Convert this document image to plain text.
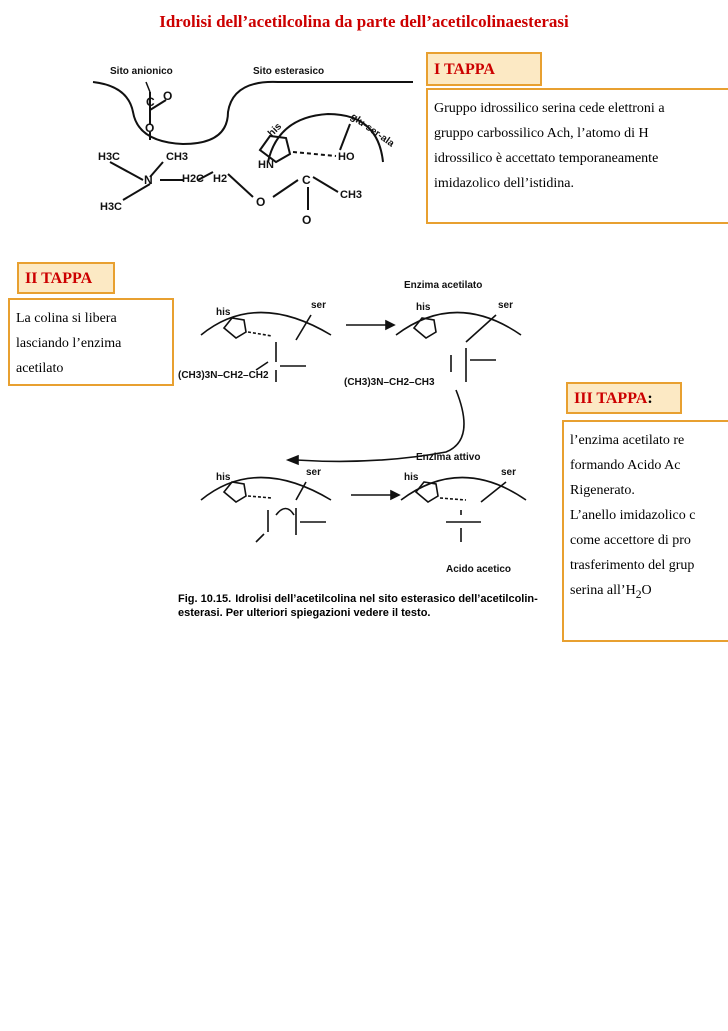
Idrolisi dell’acetilcolina da parte dell’acetilcolinaesterasi
Sito anionico	Sito esterasico
O
C
O
H3C	CH3
N
H3C
H2C H2
O
C
O
CH3
HN
HO
his	glu-ser-ala
I TAPPA

Gruppo idrossilico serina cede elettroni a

gruppo carbossilico Ach, l’atomo di H

idrossilico è accettato temporaneamente

imidazolico dell’istidina.

II TAPPA

La colina si libera

lasciando l’enzima

acetilato

Enzima acetilato
his
ser	his	ser
(CH3)3N–CH2–CH2
(CH3)3N–CH2–CH3
Enzima attivo
his	ser	his	ser
Acido acetico
Fig. 10.15. Idrolisi dell’acetilcolina nel sito esterasico dell’acetilcolin-esterasi. Per ulteriori spiegazioni vedere il testo.
III TAPPA:

l’enzima acetilato re

formando Acido Ac

Rigenerato.

L’anello imidazolico c

come accettore di pro

trasferimento del grup

serina $all’H_2O$
